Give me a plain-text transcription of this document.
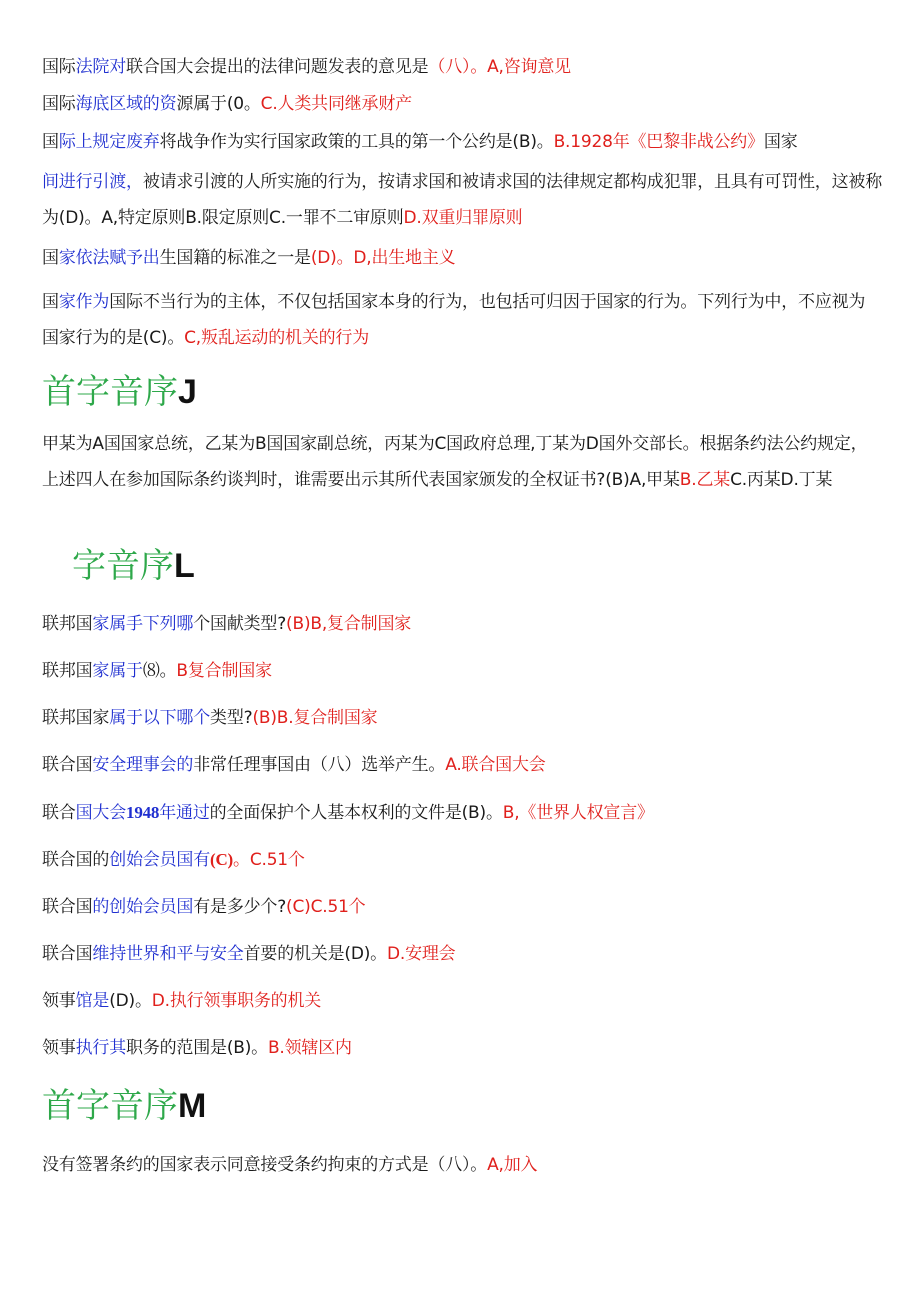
国际法院对联合国大会提出的法律问题发表的意见是（八）。A,咨询意见
国际海底区域的资源属于(0。C.人类共同继承财产
国际上规定废弃将战争作为实行国家政策的工具的第一个公约是(B)。B.1928年《巴黎非战公约》国家
间进行引渡，被请求引渡的人所实施的行为，按请求国和被请求国的法律规定都构成犯罪，且具有可罚性，这被称为(D)。A,特定原则B.限定原则C.一罪不二审原则D.双重归罪原则
国家依法赋予出生国籍的标准之一是(D)。D,出生地主义
国家作为国际不当行为的主体，不仅包括国家本身的行为，也包括可归因于国家的行为。下列行为中，不应视为国家行为的是(C)。C,叛乱运动的机关的行为
首字音序J
甲某为A国国家总统，乙某为B国国家副总统，丙某为C国政府总理,丁某为D国外交部长。根据条约法公约规定，上述四人在参加国际条约谈判时，谁需要出示其所代表国家颁发的全权证书?(B)A,甲某B.乙某C.丙某D.丁某
字音序L
联邦国家属手下列哪个国献类型?(B)B,复合制国家
联邦国家属于⑻。B复合制国家
联邦国家属于以下哪个类型?(B)B.复合制国家
联合国安全理事会的非常任理事国由（八）选举产生。A.联合国大会
联合国大会1948年通过的全面保护个人基本权利的文件是(B)。B,《世界人权宣言》
联合国的创始会员国有(C)。C.51个
联合国的创始会员国有是多少个?(C)C.51个
联合国维持世界和平与安全首要的机关是(D)。D.安理会
领事馆是(D)。D.执行领事职务的机关
领事执行其职务的范围是(B)。B.领辖区内
首字音序M
没有签署条约的国家表示同意接受条约拘束的方式是（八）。A,加入
